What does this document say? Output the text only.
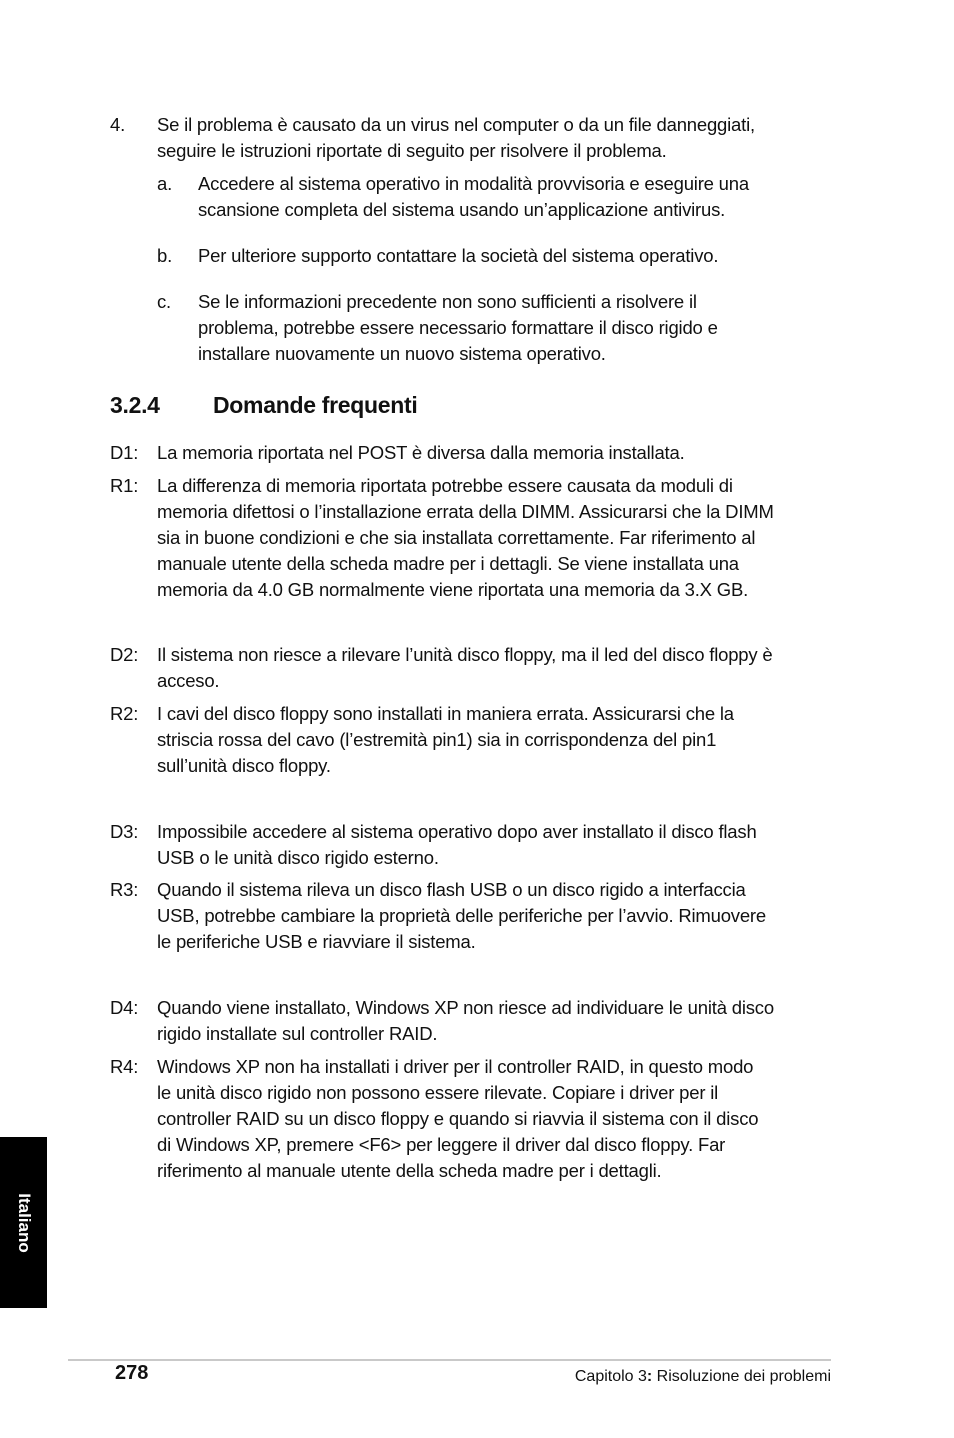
4. Se il problema è causato da un virus nel computer o da un file danneggiati,
seguire le istruzioni riportate di seguito per risolvere il problema.
a. Accedere al sistema operativo in modalità provvisoria e eseguire una
scansione completa del sistema usando un’applicazione antivirus.
b. Per ulteriore supporto contattare la società del sistema operativo.
c. Se le informazioni precedente non sono sufficienti a risolvere il
problema, potrebbe essere necessario formattare il disco rigido e
installare nuovamente un nuovo sistema operativo.
3.2.4 Domande frequenti
D1: La memoria riportata nel POST è diversa dalla memoria installata.
R1: La differenza di memoria riportata potrebbe essere causata da moduli di
memoria difettosi o l’installazione errata della DIMM. Assicurarsi che la DIMM
sia in buone condizioni e che sia installata correttamente. Far riferimento al
manuale utente della scheda madre per i dettagli. Se viene installata una
memoria da 4.0 GB normalmente viene riportata una memoria da 3.X GB.
D2: Il sistema non riesce a rilevare l’unità disco floppy, ma il led del disco floppy è
acceso.
R2: I cavi del disco floppy sono installati in maniera errata. Assicurarsi che la
striscia rossa del cavo (l’estremità pin1) sia in corrispondenza del pin1
sull’unità disco floppy.
D3: Impossibile accedere al sistema operativo dopo aver installato il disco flash
USB o le unità disco rigido esterno.
R3: Quando il sistema rileva un disco flash USB o un disco rigido a interfaccia
USB, potrebbe cambiare la proprietà delle periferiche per l’avvio. Rimuovere
le periferiche USB e riavviare il sistema.
D4: Quando viene installato, Windows XP non riesce ad individuare le unità disco
rigido installate sul controller RAID.
R4: Windows XP non ha installati i driver per il controller RAID, in questo modo
le unità disco rigido non possono essere rilevate. Copiare i driver per il
controller RAID su un disco floppy e quando si riavvia il sistema con il disco
di Windows XP, premere <F6> per leggere il driver dal disco floppy. Far
riferimento al manuale utente della scheda madre per i dettagli.
Italiano
278	Capitolo 3: Risoluzione dei problemi
